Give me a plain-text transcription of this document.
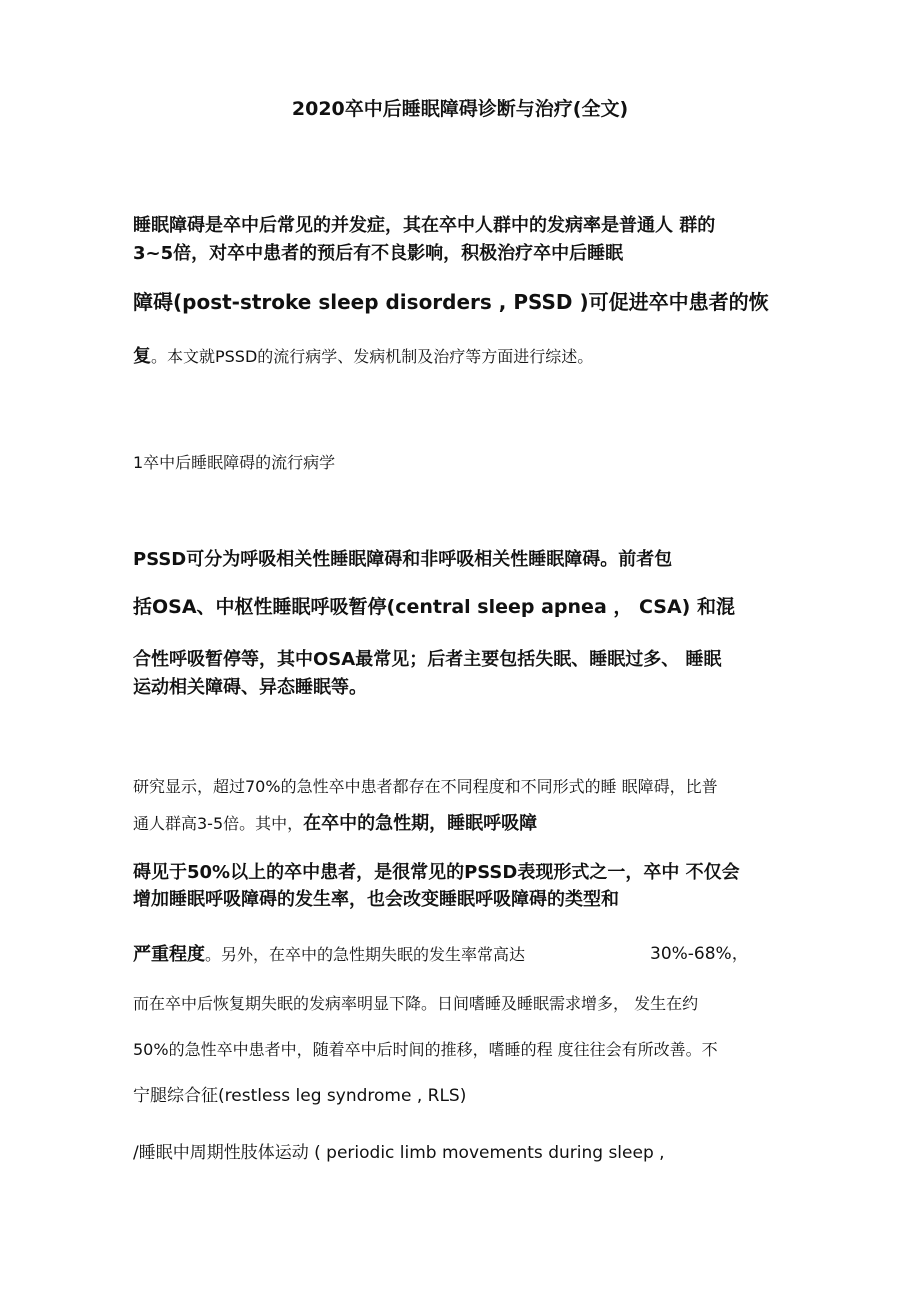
2020卒中后睡眠障碍诊断与治疗(全文)
睡眠障碍是卒中后常见的并发症，其在卒中人群中的发病率是普通人 群的
3~5倍，对卒中患者的预后有不良影响，积极治疗卒中后睡眠
障碍(post-stroke sleep disorders , PSSD )可促进卒中患者的恢
复。本文就PSSD的流行病学、发病机制及治疗等方面进行综述。
1卒中后睡眠障碍的流行病学
PSSD可分为呼吸相关性睡眠障碍和非呼吸相关性睡眠障碍。前者包
括OSA、中枢性睡眠呼吸暂停(central sleep apnea ， CSA) 和混
合性呼吸暂停等，其中OSA最常见；后者主要包括失眠、睡眠过多、 睡眠
运动相关障碍、异态睡眠等。
研究显示，超过70%的急性卒中患者都存在不同程度和不同形式的睡 眠障碍，比普
通人群高3-5倍。其中，在卒中的急性期，睡眠呼吸障
碍见于50%以上的卒中患者，是很常见的PSSD表现形式之一，卒中 不仅会
增加睡眠呼吸障碍的发生率，也会改变睡眠呼吸障碍的类型和
严重程度。另外，在卒中的急性期失眠的发生率常高达	30%-68%，
而在卒中后恢复期失眠的发病率明显下降。日间嗜睡及睡眠需求增多， 发生在约
50%的急性卒中患者中，随着卒中后时间的推移，嗜睡的程 度往往会有所改善。不
宁腿综合征(restless leg syndrome , RLS)
/睡眠中周期性肢体运动 ( periodic limb movements during sleep ,
